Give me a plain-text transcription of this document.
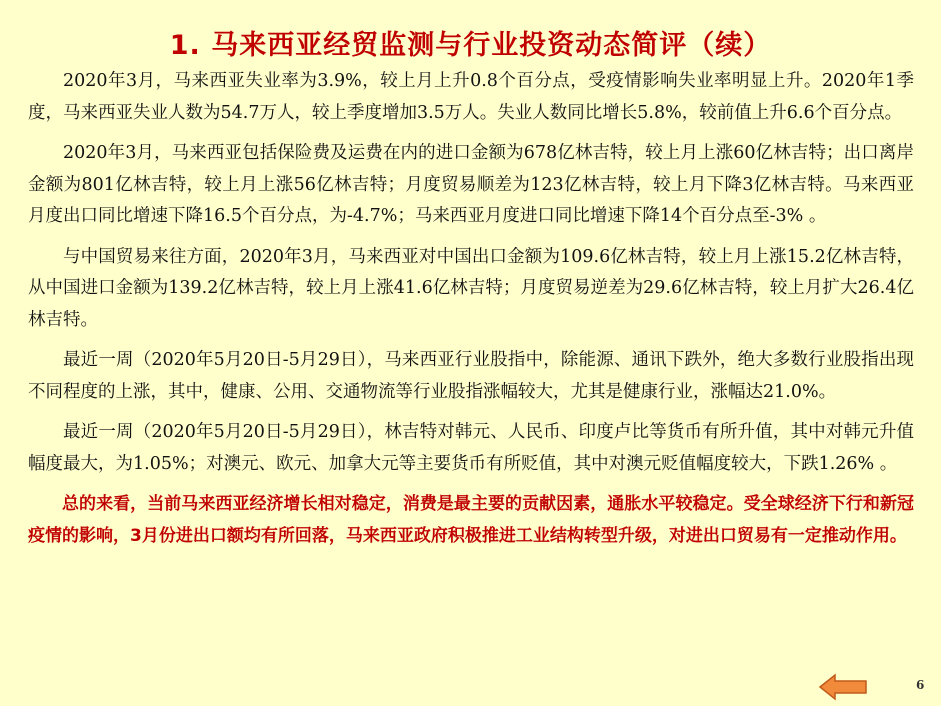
1. 马来西亚经贸监测与行业投资动态简评（续）

2020年3月，马来西亚失业率为3.9%，较上月上升0.8个百分点，受疫情影响失业率明显上升。2020年1季度，马来西亚失业人数为54.7万人，较上季度增加3.5万人。失业人数同比增长5.8%，较前值上升6.6个百分点。

2020年3月，马来西亚包括保险费及运费在内的进口金额为678亿林吉特，较上月上涨60亿林吉特；出口离岸金额为801亿林吉特，较上月上涨56亿林吉特；月度贸易顺差为123亿林吉特，较上月下降3亿林吉特。马来西亚月度出口同比增速下降16.5个百分点，为-4.7%；马来西亚月度进口同比增速下降14个百分点至-3% 。

与中国贸易来往方面，2020年3月，马来西亚对中国出口金额为109.6亿林吉特，较上月上涨15.2亿林吉特，从中国进口金额为139.2亿林吉特，较上月上涨41.6亿林吉特；月度贸易逆差为29.6亿林吉特，较上月扩大26.4亿林吉特。

最近一周（2020年5月20日-5月29日），马来西亚行业股指中，除能源、通讯下跌外，绝大多数行业股指出现不同程度的上涨，其中，健康、公用、交通物流等行业股指涨幅较大，尤其是健康行业，涨幅达21.0%。

最近一周（2020年5月20日-5月29日），林吉特对韩元、人民币、印度卢比等货币有所升值，其中对韩元升值幅度最大，为1.05%；对澳元、欧元、加拿大元等主要货币有所贬值，其中对澳元贬值幅度较大，下跌1.26% 。

总的来看，当前马来西亚经济增长相对稳定，消费是最主要的贡献因素，通胀水平较稳定。受全球经济下行和新冠疫情的影响，3月份进出口额均有所回落，马来西亚政府积极推进工业结构转型升级，对进出口贸易有一定推动作用。

6
